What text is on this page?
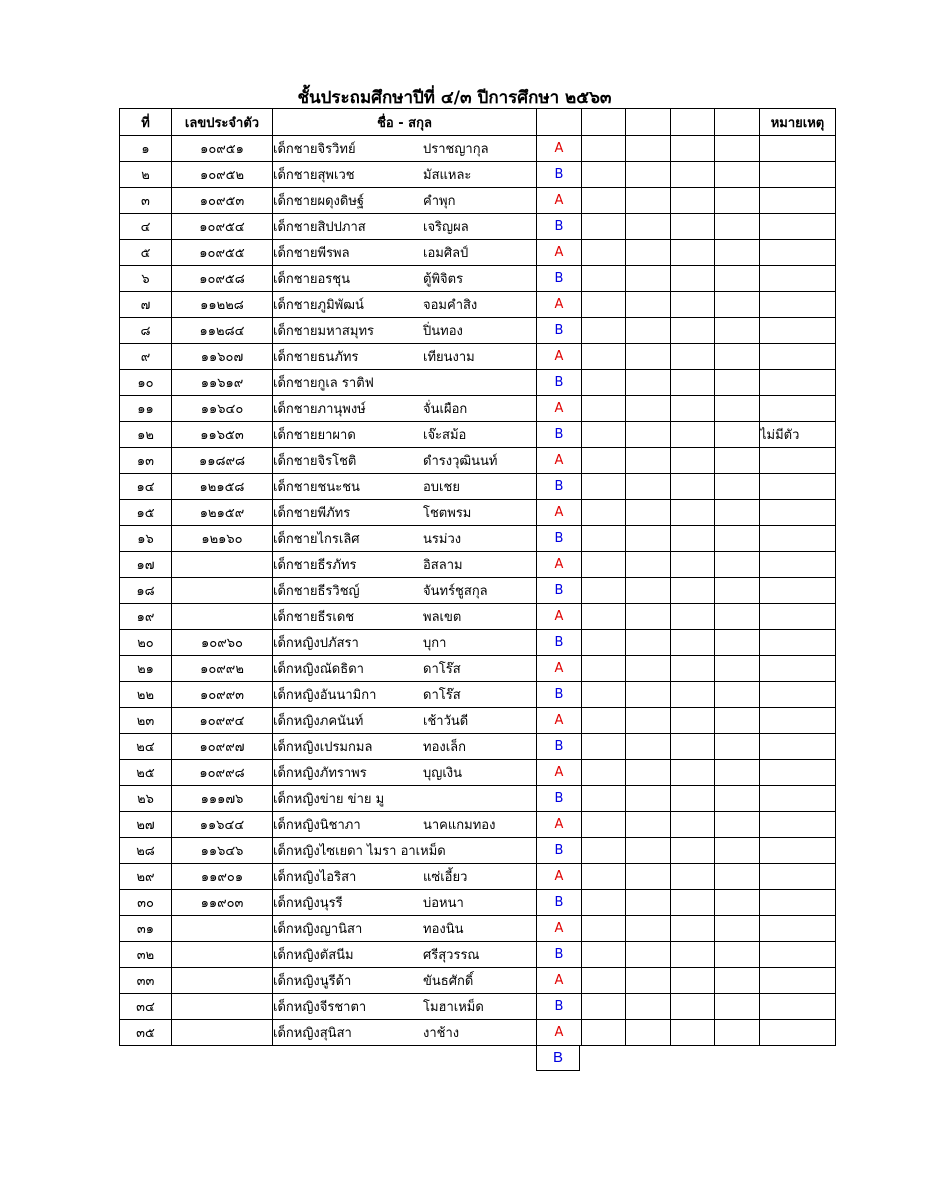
ชั้นประถมศึกษาปีที่ ๔/๓ ปีการศึกษา ๒๕๖๓
ที่	เลขประจำตัว	ชื่อ - สกุล						หมายเหตุ
๑	๑๐๙๕๑	เด็กชายจิรวิทย์ ปราชญากุล	A					
๒	๑๐๙๕๒	เด็กชายสุพเวช มัสแหละ	B					
๓	๑๐๙๕๓	เด็กชายผดุงดิษฐ์ คำพุก	A					
๔	๑๐๙๕๔	เด็กชายสิปปภาส เจริญผล	B					
๕	๑๐๙๕๕	เด็กชายพีรพล เอมศิลป์	A					
๖	๑๐๙๕๘	เด็กชายอรชุน ตู้พิจิตร	B					
๗	๑๑๒๒๘	เด็กชายภูมิพัฒน์ จอมคำสิง	A					
๘	๑๑๒๘๔	เด็กชายมหาสมุทร ปิ่นทอง	B					
๙	๑๑๖๐๗	เด็กชายธนภัทร เทียนงาม	A					
๑๐	๑๑๖๑๙	เด็กชายกูเล ราติฟ	B					
๑๑	๑๑๖๔๐	เด็กชายภานุพงษ์ จั่นเผือก	A					
๑๒	๑๑๖๕๓	เด็กชายยาผาด เจ๊ะสม้อ	B					ไม่มีตัว
๑๓	๑๑๘๙๘	เด็กชายจิรโชติ ดำรงวุฒินนท์	A					
๑๔	๑๒๑๕๘	เด็กชายชนะชน อบเชย	B					
๑๕	๑๒๑๕๙	เด็กชายพีภัทร โชตพรม	A					
๑๖	๑๒๑๖๐	เด็กชายไกรเลิศ นรม่วง	B					
๑๗		เด็กชายธีรภัทร อิสลาม	A					
๑๘		เด็กชายธีรวิชญ์ จันทร์ชูสกุล	B					
๑๙		เด็กชายธีรเดช พลเขต	A					
๒๐	๑๐๙๖๐	เด็กหญิงปภัสรา บุกา	B					
๒๑	๑๐๙๙๒	เด็กหญิงณัดธิดา ดาโร๊ส	A					
๒๒	๑๐๙๙๓	เด็กหญิงอันนามิกา ดาโร๊ส	B					
๒๓	๑๐๙๙๔	เด็กหญิงภคนันท์ เช้าวันดี	A					
๒๔	๑๐๙๙๗	เด็กหญิงเปรมกมล ทองเล็ก	B					
๒๕	๑๐๙๙๘	เด็กหญิงภัทราพร บุญเงิน	A					
๒๖	๑๑๑๗๖	เด็กหญิงข่าย ข่าย มู	B					
๒๗	๑๑๖๔๔	เด็กหญิงนิชาภา นาคแกมทอง	A					
๒๘	๑๑๖๔๖	เด็กหญิงไซเยดา ไมรา อาเหม็ด	B					
๒๙	๑๑๙๐๑	เด็กหญิงไอริสา แซ่เอี้ยว	A					
๓๐	๑๑๙๐๓	เด็กหญิงนุรรี บ่อหนา	B					
๓๑		เด็กหญิงญานิสา ทองนิน	A					
๓๒		เด็กหญิงตัสนีม ศรีสุวรรณ	B					
๓๓		เด็กหญิงนูรีด้า ขันธศักดิ์	A					
๓๔		เด็กหญิงจีรชาตา โมฮาเหม็ด	B					
๓๕		เด็กหญิงสุนิสา งาช้าง	A					
B
